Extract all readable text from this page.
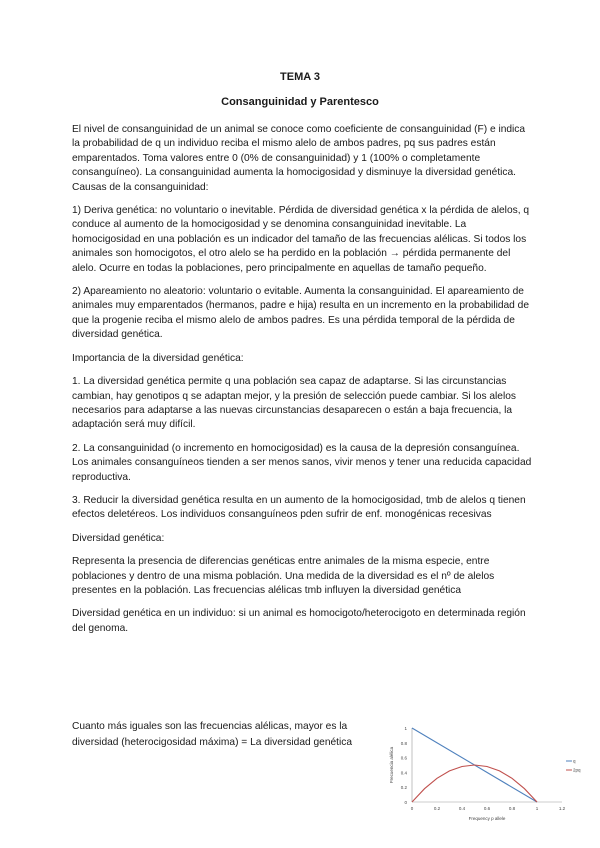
TEMA 3
Consanguinidad y Parentesco

El nivel de consanguinidad de un animal se conoce como coeficiente de consanguinidad (F) e indica la probabilidad de q un individuo reciba el mismo alelo de ambos padres, pq sus padres están emparentados. Toma valores entre 0 (0% de consanguinidad) y 1 (100% o completamente consanguíneo). La consanguinidad aumenta la homocigosidad y disminuye la diversidad genética.

Causas de la consanguinidad:

1) Deriva genética: no voluntario o inevitable. Pérdida de diversidad genética x la pérdida de alelos, q conduce al aumento de la homocigosidad y se denomina consanguinidad inevitable. La homocigosidad en una población es un indicador del tamaño de las frecuencias alélicas. Si todos los animales son homocigotos, el otro alelo se ha perdido en la población → pérdida permanente del alelo. Ocurre en todas la poblaciones, pero principalmente en aquellas de tamaño pequeño.

2) Apareamiento no aleatorio: voluntario o evitable. Aumenta la consanguinidad. El apareamiento de animales muy emparentados (hermanos, padre e hija) resulta en un incremento en la probabilidad de que la progenie reciba el mismo alelo de ambos padres. Es una pérdida temporal de la pérdida de diversidad genética.

Importancia de la diversidad genética:

1. La diversidad genética permite q una población sea capaz de adaptarse. Si las circunstancias cambian, hay genotipos q se adaptan mejor, y la presión de selección puede cambiar. Si los alelos necesarios para adaptarse a las nuevas circunstancias desaparecen o están a baja frecuencia, la adaptación será muy difícil.

2. La consanguinidad (o incremento en homocigosidad) es la causa de la depresión consanguínea. Los animales consanguíneos tienden a ser menos sanos, vivir menos y tener una reducida capacidad reproductiva.

3. Reducir la diversidad genética resulta en un aumento de la homocigosidad, tmb de alelos q tienen efectos deletéreos. Los individuos consanguíneos pden sufrir de enf. monogénicas recesivas

Diversidad genética:

Representa la presencia de diferencias genéticas entre animales de la misma especie, entre poblaciones y dentro de una misma población. Una medida de la diversidad es el nº de alelos presentes en la población. Las frecuencias alélicas tmb influyen la diversidad genética

Diversidad genética en un individuo: si un animal es homocigoto/heterocigoto en determinada región del genoma.

Cuanto más iguales son las frecuencias alélicas, mayor es la diversidad (heterocigosidad máxima) = La diversidad genética
0
0.2
0.4
0.6
0.8
1
0	0.2	0.4	0.6	0.8	1	1.2
Frequency p allele
Frecuencia alélica	q
2pq
